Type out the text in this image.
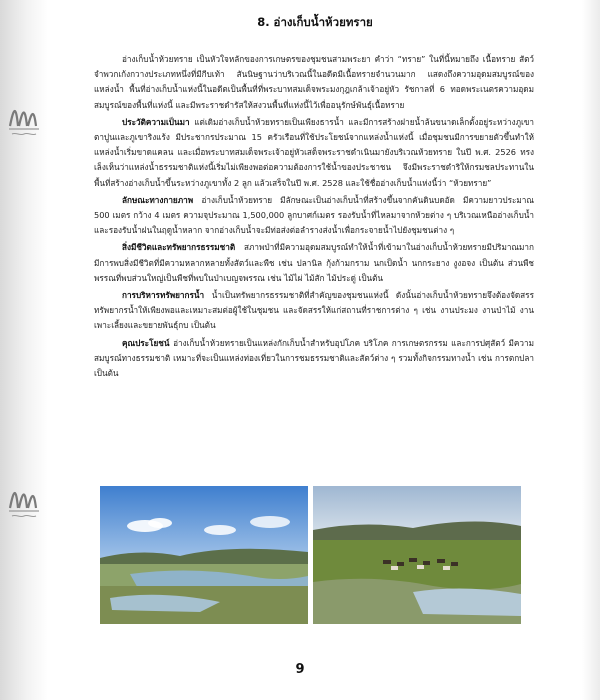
8. อ่างเก็บน้ำห้วยทราย

อ่างเก็บน้ำห้วยทราย เป็นหัวใจหลักของการเกษตรของชุมชนสามพระยา คำว่า “ทราย” ในที่นี้หมายถึง เนื้อทราย สัตว์จำพวกเก้งกวางประเภทหนึ่งที่มีกีบเท้า สันนิษฐานว่าบริเวณนี้ในอดีตมีเนื้อทรายจำนวนมาก แสดงถึงความอุดมสมบูรณ์ของแหล่งน้ำ พื้นที่อ่างเก็บน้ำแห่งนี้ในอดีตเป็นพื้นที่ที่พระบาทสมเด็จพระมงกุฎเกล้าเจ้าอยู่หัว รัชกาลที่ 6 ทอดพระเนตรความอุดมสมบูรณ์ของพื้นที่แห่งนี้ และมีพระราชดำรัสให้สงวนพื้นที่แห่งนี้ไว้เพื่ออนุรักษ์พันธุ์เนื้อทราย

ประวัติความเป็นมา แต่เดิมอ่างเก็บน้ำห้วยทรายเป็นเพียงธารน้ำ และมีการสร้างฝายน้ำล้นขนาดเล็กตั้งอยู่ระหว่างภูเขาตาปูนและภูเขาริงแร้ง มีประชากรประมาณ 15 ครัวเรือนที่ใช้ประโยชน์จากแหล่งน้ำแห่งนี้ เมื่อชุมชนมีการขยายตัวขึ้นทำให้แหล่งน้ำเริ่มขาดแคลน และเมื่อพระบาทสมเด็จพระเจ้าอยู่หัวเสด็จพระราชดำเนินมายังบริเวณห้วยทราย ในปี พ.ศ. 2526 ทรงเล็งเห็นว่าแหล่งน้ำธรรมชาติแห่งนี้เริ่มไม่เพียงพอต่อความต้องการใช้น้ำของประชาชน จึงมีพระราชดำริให้กรมชลประทานในพื้นที่สร้างอ่างเก็บน้ำขึ้นระหว่างภูเขาทั้ง 2 ลูก แล้วเสร็จในปี พ.ศ. 2528 และใช้ชื่ออ่างเก็บน้ำแห่งนี้ว่า “ห้วยทราย”

ลักษณะทางกายภาพ อ่างเก็บน้ำห้วยทราย มีลักษณะเป็นอ่างเก็บน้ำที่สร้างขึ้นจากคันดินบดอัด มีความยาวประมาณ 500 เมตร กว้าง 4 เมตร ความจุประมาณ 1,500,000 ลูกบาศก์เมตร รองรับน้ำที่ไหลมาจากห้วยต่าง ๆ บริเวณเหนืออ่างเก็บน้ำ และรองรับน้ำฝนในฤดูน้ำหลาก จากอ่างเก็บน้ำจะมีท่อส่งต่อลำรางส่งน้ำเพื่อกระจายน้ำไปยังชุมชนต่าง ๆ

สิ่งมีชีวิตและทรัพยากรธรรมชาติ สภาพป่าที่มีความอุดมสมบูรณ์ทำให้น้ำที่เข้ามาในอ่างเก็บน้ำห้วยทรายมีปริมาณมาก มีการพบสิ่งมีชีวิตที่มีความหลากหลายทั้งสัตว์และพืช เช่น ปลานิล กุ้งก้ามกราม นกเป็ดน้ำ นกกระยาง งูงอจง เป็นต้น ส่วนพืชพรรณที่พบส่วนใหญ่เป็นพืชที่พบในป่าเบญจพรรณ เช่น ไม้ไผ่ ไม้สัก ไม้ประดู่ เป็นต้น

การบริหารทรัพยากรน้ำ น้ำเป็นทรัพยากรธรรมชาติที่สำคัญของชุมชนแห่งนี้ ดังนั้นอ่างเก็บน้ำห้วยทรายจึงต้องจัดสรรทรัพยากรน้ำให้เพียงพอและเหมาะสมต่อผู้ใช้ในชุมชน และจัดสรรให้แก่สถานที่ราชการต่าง ๆ เช่น งานประมง งานป่าไม้ งานเพาะเลี้ยงและขยายพันธุ์กบ เป็นต้น

คุณประโยชน์ อ่างเก็บน้ำห้วยทรายเป็นแหล่งกักเก็บน้ำสำหรับอุปโภค บริโภค การเกษตรกรรม และการปศุสัตว์ มีความสมบูรณ์ทางธรรมชาติ เหมาะที่จะเป็นแหล่งท่องเที่ยวในการชมธรรมชาติและสัตว์ต่าง ๆ รวมทั้งกิจกรรมทางน้ำ เช่น การตกปลา เป็นต้น

9
